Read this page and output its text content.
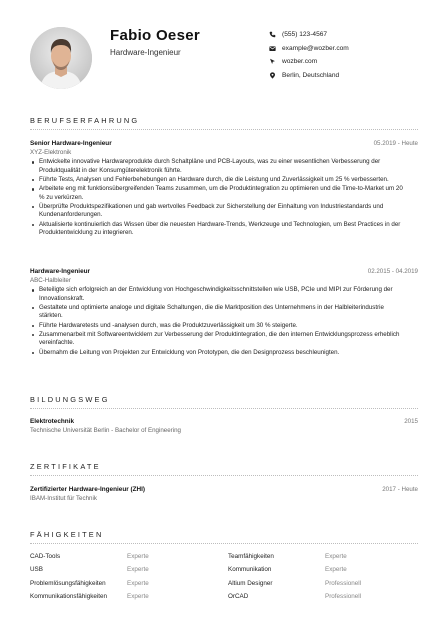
Fabio Oeser
Hardware-Ingenieur
(555) 123-4567
example@wozber.com
wozber.com
Berlin, Deutschland
BERUFSERFAHRUNG
Senior Hardware-Ingenieur
XYZ-Elektronik
05.2019 - Heute
Entwickelte innovative Hardwareprodukte durch Schaltpläne und PCB-Layouts, was zu einer wesentlichen Verbesserung der Produktqualität in der Konsumgüterelektronik führte.
Führte Tests, Analysen und Fehlerbehebungen an Hardware durch, die die Leistung und Zuverlässigkeit um 25 % verbesserten.
Arbeitete eng mit funktionsübergreifenden Teams zusammen, um die Produktintegration zu optimieren und die Time-to-Market um 20 % zu verkürzen.
Überprüfte Produktspezifikationen und gab wertvolles Feedback zur Sicherstellung der Einhaltung von Industriestandards und Kundenanforderungen.
Aktualisierte kontinuierlich das Wissen über die neuesten Hardware-Trends, Werkzeuge und Technologien, um Best Practices in der Produktentwicklung zu integrieren.
Hardware-Ingenieur
ABC-Halbleiter
02.2015 - 04.2019
Beteiligte sich erfolgreich an der Entwicklung von Hochgeschwindigkeitsschnittstellen wie USB, PCIe und MIPI zur Förderung der Innovationskraft.
Gestaltete und optimierte analoge und digitale Schaltungen, die die Marktposition des Unternehmens in der Halbleiterindustrie stärkten.
Führte Hardwaretests und -analysen durch, was die Produktzuverlässigkeit um 30 % steigerte.
Zusammenarbeit mit Softwareentwicklern zur Verbesserung der Produktintegration, die den internen Entwicklungsprozess erheblich vereinfachte.
Übernahm die Leitung von Projekten zur Entwicklung von Prototypen, die den Designprozess beschleunigten.
BILDUNGSWEG
Elektrotechnik
Technische Universität Berlin - Bachelor of Engineering
2015
ZERTIFIKATE
Zertifizierter Hardware-Ingenieur (ZHI)
IBAM-Institut für Technik
2017 - Heute
FÄHIGKEITEN
CAD-Tools	Experte	Teamfähigkeiten	Experte
USB	Experte	Kommunikation	Experte
Problemlösungsfähigkeiten	Experte	Altium Designer	Professionell
Kommunikationsfähigkeiten	Experte	OrCAD	Professionell
